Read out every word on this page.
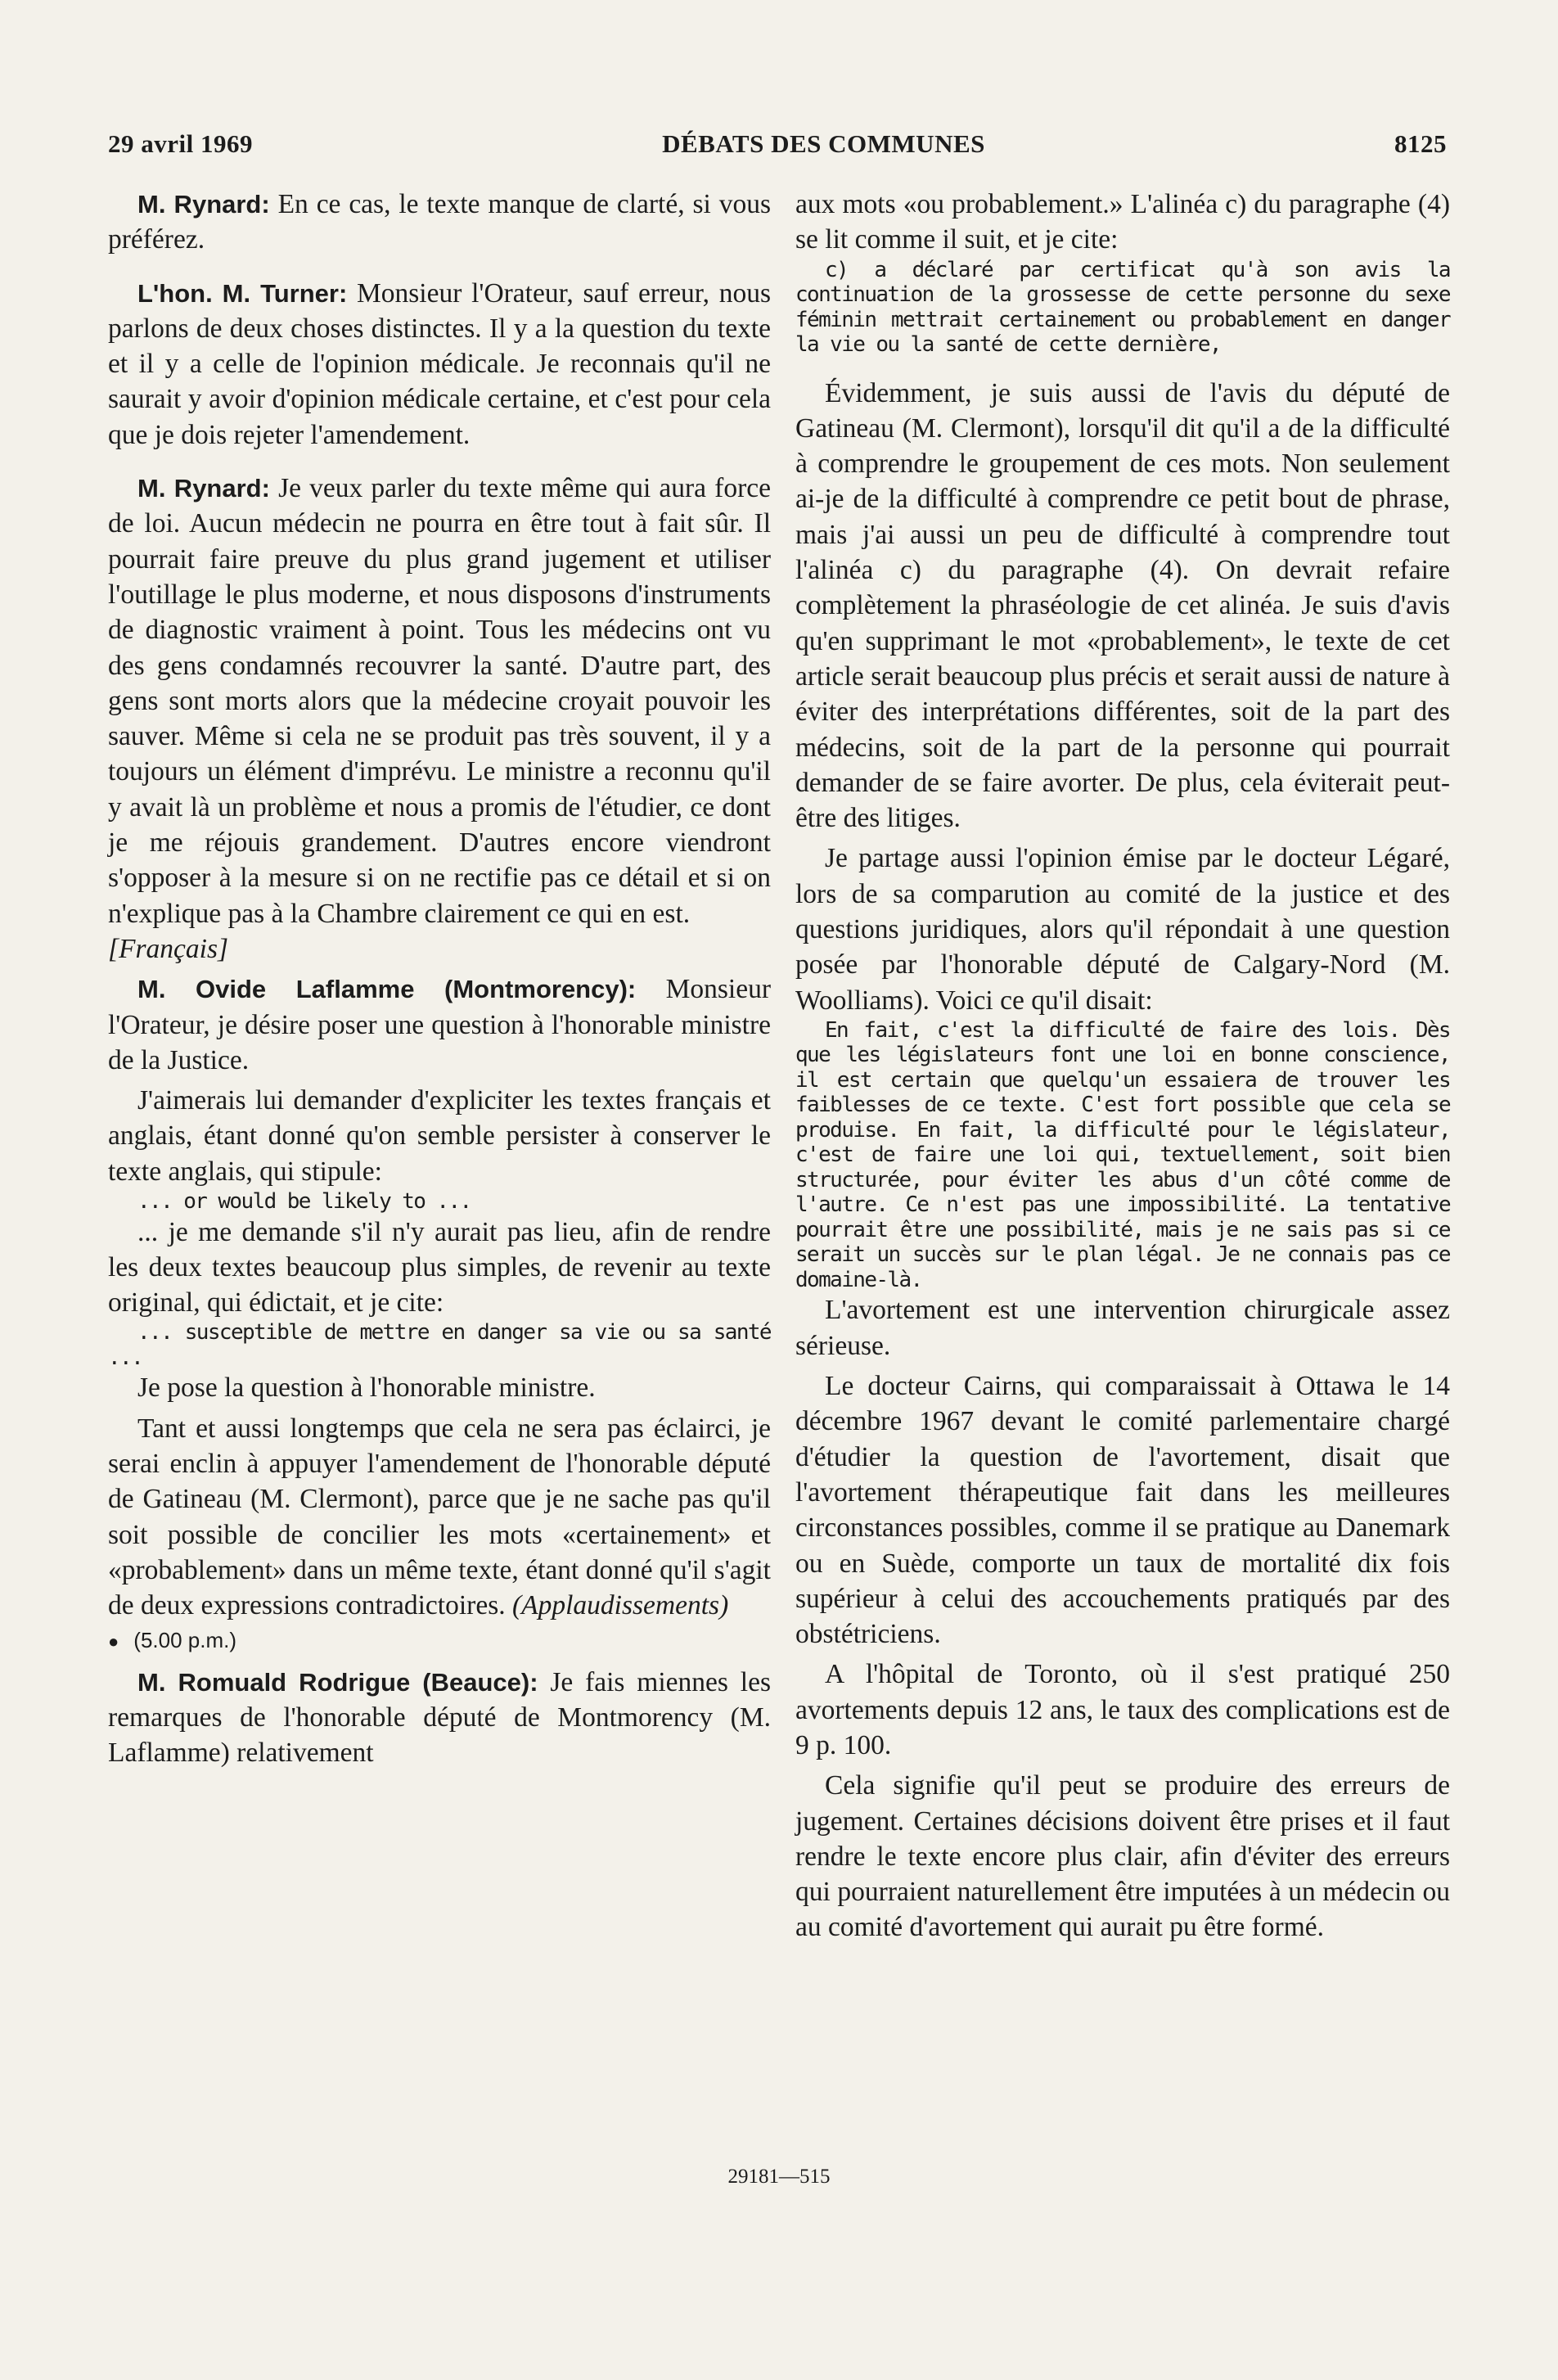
29 avril 1969	DÉBATS DES COMMUNES	8125

M. Rynard: En ce cas, le texte manque de clarté, si vous préférez.

L'hon. M. Turner: Monsieur l'Orateur, sauf erreur, nous parlons de deux choses distinctes. Il y a la question du texte et il y a celle de l'opinion médicale. Je reconnais qu'il ne saurait y avoir d'opinion médicale certaine, et c'est pour cela que je dois rejeter l'amendement.

M. Rynard: Je veux parler du texte même qui aura force de loi. Aucun médecin ne pourra en être tout à fait sûr. Il pourrait faire preuve du plus grand jugement et utiliser l'outillage le plus moderne, et nous disposons d'instruments de diagnostic vraiment à point. Tous les médecins ont vu des gens condamnés recouvrer la santé. D'autre part, des gens sont morts alors que la médecine croyait pouvoir les sauver. Même si cela ne se produit pas très souvent, il y a toujours un élément d'imprévu. Le ministre a reconnu qu'il y avait là un problème et nous a promis de l'étudier, ce dont je me réjouis grandement. D'autres encore viendront s'opposer à la mesure si on ne rectifie pas ce détail et si on n'explique pas à la Chambre clairement ce qui en est.

[Français]

M. Ovide Laflamme (Montmorency): Monsieur l'Orateur, je désire poser une question à l'honorable ministre de la Justice.

J'aimerais lui demander d'expliciter les textes français et anglais, étant donné qu'on semble persister à conserver le texte anglais, qui stipule:

... or would be likely to ...

... je me demande s'il n'y aurait pas lieu, afin de rendre les deux textes beaucoup plus simples, de revenir au texte original, qui édictait, et je cite:

... susceptible de mettre en danger sa vie ou sa santé ...

Je pose la question à l'honorable ministre.

Tant et aussi longtemps que cela ne sera pas éclairci, je serai enclin à appuyer l'amendement de l'honorable député de Gatineau (M. Clermont), parce que je ne sache pas qu'il soit possible de concilier les mots «certainement» et «probablement» dans un même texte, étant donné qu'il s'agit de deux expressions contradictoires. (Applaudissements)

● (5.00 p.m.)

M. Romuald Rodrigue (Beauce): Je fais miennes les remarques de l'honorable député de Montmorency (M. Laflamme) relativement

aux mots «ou probablement.» L'alinéa c) du paragraphe (4) se lit comme il suit, et je cite:

c) a déclaré par certificat qu'à son avis la continuation de la grossesse de cette personne du sexe féminin mettrait certainement ou probablement en danger la vie ou la santé de cette dernière,

Évidemment, je suis aussi de l'avis du député de Gatineau (M. Clermont), lorsqu'il dit qu'il a de la difficulté à comprendre le groupement de ces mots. Non seulement ai-je de la difficulté à comprendre ce petit bout de phrase, mais j'ai aussi un peu de difficulté à comprendre tout l'alinéa c) du paragraphe (4). On devrait refaire complètement la phraséologie de cet alinéa. Je suis d'avis qu'en supprimant le mot «probablement», le texte de cet article serait beaucoup plus précis et serait aussi de nature à éviter des interprétations différentes, soit de la part des médecins, soit de la part de la personne qui pourrait demander de se faire avorter. De plus, cela éviterait peut-être des litiges.

Je partage aussi l'opinion émise par le docteur Légaré, lors de sa comparution au comité de la justice et des questions juridiques, alors qu'il répondait à une question posée par l'honorable député de Calgary-Nord (M. Woolliams). Voici ce qu'il disait:

En fait, c'est la difficulté de faire des lois. Dès que les législateurs font une loi en bonne conscience, il est certain que quelqu'un essaiera de trouver les faiblesses de ce texte. C'est fort possible que cela se produise. En fait, la difficulté pour le législateur, c'est de faire une loi qui, textuellement, soit bien structurée, pour éviter les abus d'un côté comme de l'autre. Ce n'est pas une impossibilité. La tentative pourrait être une possibilité, mais je ne sais pas si ce serait un succès sur le plan légal. Je ne connais pas ce domaine-là.

L'avortement est une intervention chirurgicale assez sérieuse.

Le docteur Cairns, qui comparaissait à Ottawa le 14 décembre 1967 devant le comité parlementaire chargé d'étudier la question de l'avortement, disait que l'avortement thérapeutique fait dans les meilleures circonstances possibles, comme il se pratique au Danemark ou en Suède, comporte un taux de mortalité dix fois supérieur à celui des accouchements pratiqués par des obstétriciens.

A l'hôpital de Toronto, où il s'est pratiqué 250 avortements depuis 12 ans, le taux des complications est de 9 p. 100.

Cela signifie qu'il peut se produire des erreurs de jugement. Certaines décisions doivent être prises et il faut rendre le texte encore plus clair, afin d'éviter des erreurs qui pourraient naturellement être imputées à un médecin ou au comité d'avortement qui aurait pu être formé.

29181—515
